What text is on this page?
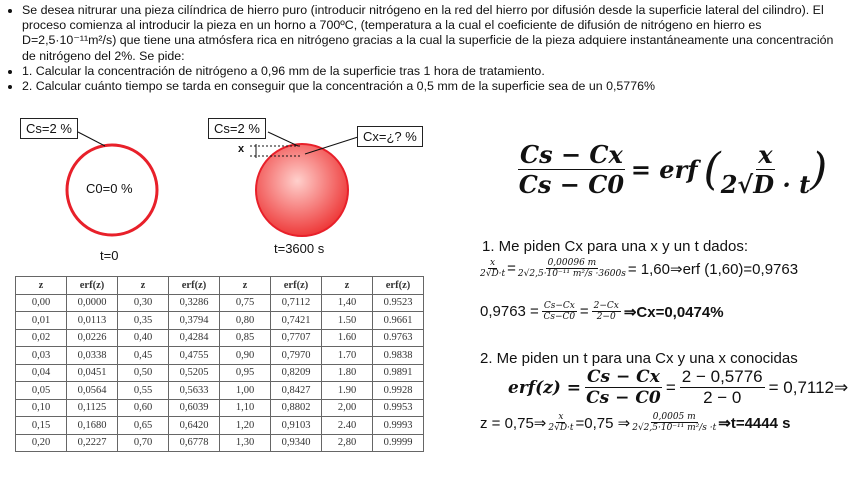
• Se desea nitrurar una pieza cilíndrica de hierro puro (introducir nitrógeno en la red del hierro por difusión desde la superficie lateral del cilindro). El proceso comienza al introducir la pieza en un horno a 700ºC, (temperatura a la cual el coeficiente de difusión de nitrógeno en hierro es D=2,5·10⁻¹¹m²/s) que tiene una atmósfera rica en nitrógeno gracias a la cual la superficie de la pieza adquiere instantáneamente una concentración de nitrógeno del 2%. Se pide:
• 1. Calcular la concentración de nitrógeno a 0,96 mm de la superficie tras 1 hora de tratamiento.
• 2. Calcular cuánto tiempo se tarda en conseguir que la concentración a 0,5 mm de la superficie sea de un 0,5776%
Cs=2 %	Cs=2 %
Cx=¿? %
x
C0=0 %
t=0	t=3600 s
$\frac{Cs - Cx}{Cs - C0}$ = erf ( $\frac{x}{2√D \cdot t}$ )
z	erf(z)	z	erf(z)	z	erf(z)	z	erf(z)
0,00	0,0000	0,30	0,3286	0,75	0,7112	1,40	0.9523
0,01	0,0113	0,35	0,3794	0,80	0,7421	1.50	0.9661
0,02	0,0226	0,40	0,4284	0,85	0,7707	1.60	0.9763
0,03	0,0338	0,45	0,4755	0,90	0,7970	1.70	0.9838
0,04	0,0451	0,50	0,5205	0,95	0,8209	1.80	0.9891
0,05	0,0564	0,55	0,5633	1,00	0,8427	1.90	0.9928
0,10	0,1125	0,60	0,6039	1,10	0,8802	2,00	0.9953
0,15	0,1680	0,65	0,6420	1,20	0,9103	2.40	0.9993
0,20	0,2227	0,70	0,6778	1,30	0,9340	2,80	0.9999
1. Me piden Cx para una x y un t dados:
$\frac{x}{2√D\cdot t} = \frac{0,00096 m}{\text{2√2,5·10⁻¹¹ m²/s ·3600s}}$ = 1,60⇒erf (1,60)=0,9763
$0,9763 = \frac{Cs-Cx}{Cs-C0} = \frac{2-Cx}{2-0}$ ⇒Cx=0,0474%
2. Me piden un t para una Cx y una x conocidas
$erf(z) = \frac{Cs - Cx}{Cs - C0} = \frac{2 - 0,5776}{2 - 0}$ = 0,7112⇒
z = 0,75⇒ $\frac{x}{2√D\cdot t} =0,75$ ⇒ $\frac{0,0005 m}{\text{2√2,5·10⁻¹¹ m²/s ·t}}$ ⇒t=4444 s
